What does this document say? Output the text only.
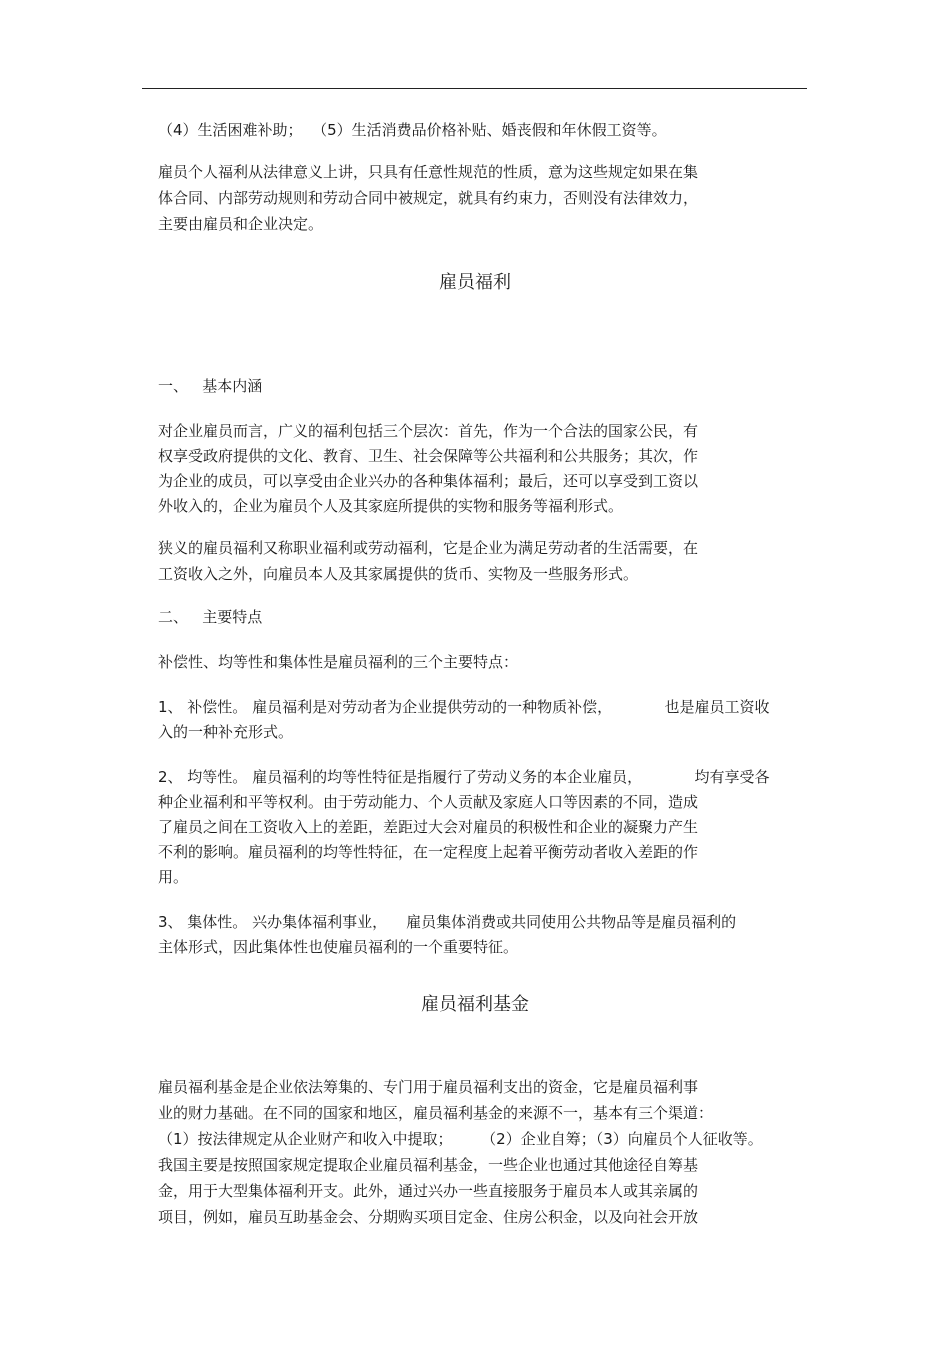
（4）生活困难补助；  （5）生活消费品价格补贴、婚丧假和年休假工资等。
雇员个人福利从法律意义上讲，只具有任意性规范的性质，意为这些规定如果在集
体合同、内部劳动规则和劳动合同中被规定，就具有约束力，否则没有法律效力，
主要由雇员和企业决定。
雇员福利
一、   基本内涵
对企业雇员而言，广义的福利包括三个层次：首先，作为一个合法的国家公民，有
权享受政府提供的文化、教育、卫生、社会保障等公共福利和公共服务；其次，作
为企业的成员，可以享受由企业兴办的各种集体福利；最后，还可以享受到工资以
外收入的，企业为雇员个人及其家庭所提供的实物和服务等福利形式。
狭义的雇员福利又称职业福利或劳动福利，它是企业为满足劳动者的生活需要，在
工资收入之外，向雇员本人及其家属提供的货币、实物及一些服务形式。
二、   主要特点
补偿性、均等性和集体性是雇员福利的三个主要特点：
1、 补偿性。 雇员福利是对劳动者为企业提供劳动的一种物质补偿，           也是雇员工资收
入的一种补充形式。
2、 均等性。 雇员福利的均等性特征是指履行了劳动义务的本企业雇员，           均有享受各
种企业福利和平等权利。由于劳动能力、个人贡献及家庭人口等因素的不同，造成
了雇员之间在工资收入上的差距，差距过大会对雇员的积极性和企业的凝聚力产生
不利的影响。雇员福利的均等性特征，在一定程度上起着平衡劳动者收入差距的作
用。
3、 集体性。 兴办集体福利事业，    雇员集体消费或共同使用公共物品等是雇员福利的
主体形式，因此集体性也使雇员福利的一个重要特征。
雇员福利基金
雇员福利基金是企业依法筹集的、专门用于雇员福利支出的资金，它是雇员福利事
业的财力基础。在不同的国家和地区，雇员福利基金的来源不一，基本有三个渠道：
（1）按法律规定从企业财产和收入中提取；      （2）企业自筹；（3）向雇员个人征收等。
我国主要是按照国家规定提取企业雇员福利基金，一些企业也通过其他途径自筹基
金，用于大型集体福利开支。此外，通过兴办一些直接服务于雇员本人或其亲属的
项目，例如，雇员互助基金会、分期购买项目定金、住房公积金，以及向社会开放
